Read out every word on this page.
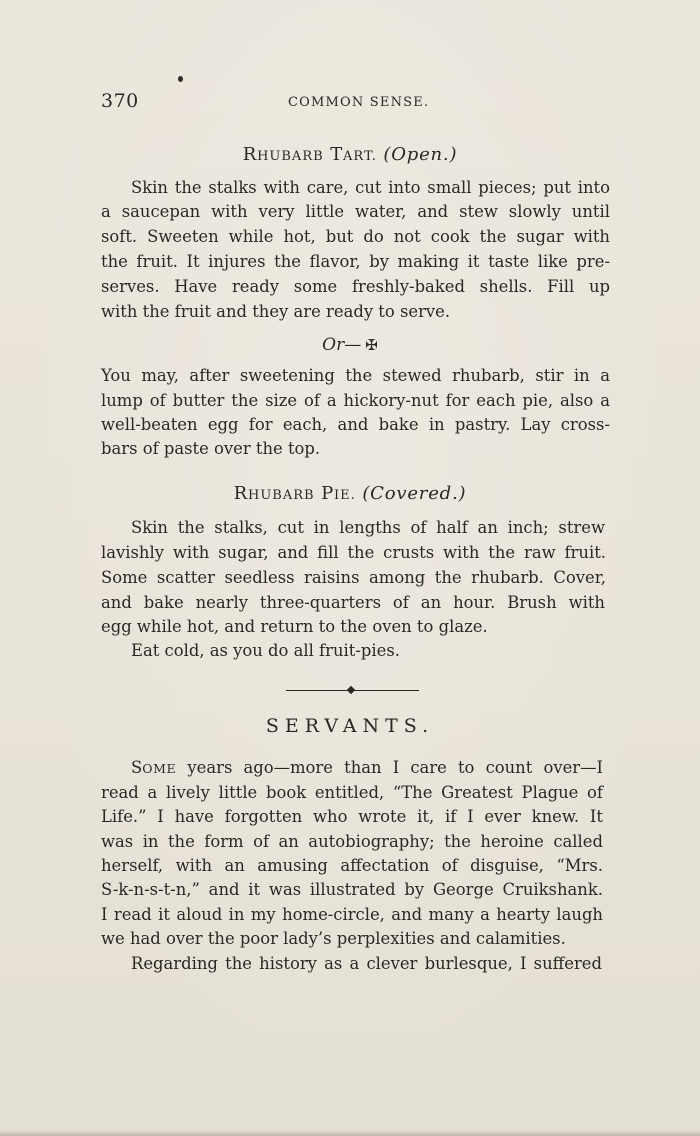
370	COMMON SENSE.
RHUBARB TART. (Open.)

Skin the stalks with care, cut into small pieces; put into

a saucepan with very little water, and stew slowly until

soft. Sweeten while hot, but do not cook the sugar with

the fruit. It injures the flavor, by making it taste like pre-

serves. Have ready some freshly-baked shells. Fill up

with the fruit and they are ready to serve.

Or— ✠

You may, after sweetening the stewed rhubarb, stir in a

lump of butter the size of a hickory-nut for each pie, also a

well-beaten egg for each, and bake in pastry. Lay cross-

bars of paste over the top.

RHUBARB PIE. (Covered.)

Skin the stalks, cut in lengths of half an inch; strew

lavishly with sugar, and fill the crusts with the raw fruit.

Some scatter seedless raisins among the rhubarb. Cover,

and bake nearly three-quarters of an hour. Brush with

egg while hot, and return to the oven to glaze.

Eat cold, as you do all fruit-pies.

SERVANTS.

SOME years ago—more than I care to count over—I

read a lively little book entitled, “The Greatest Plague of

Life.” I have forgotten who wrote it, if I ever knew. It

was in the form of an autobiography; the heroine called

herself, with an amusing affectation of disguise, “Mrs.

S-k-n-s-t-n,” and it was illustrated by George Cruikshank.

I read it aloud in my home-circle, and many a hearty laugh

we had over the poor lady’s perplexities and calamities.

Regarding the history as a clever burlesque, I suffered
